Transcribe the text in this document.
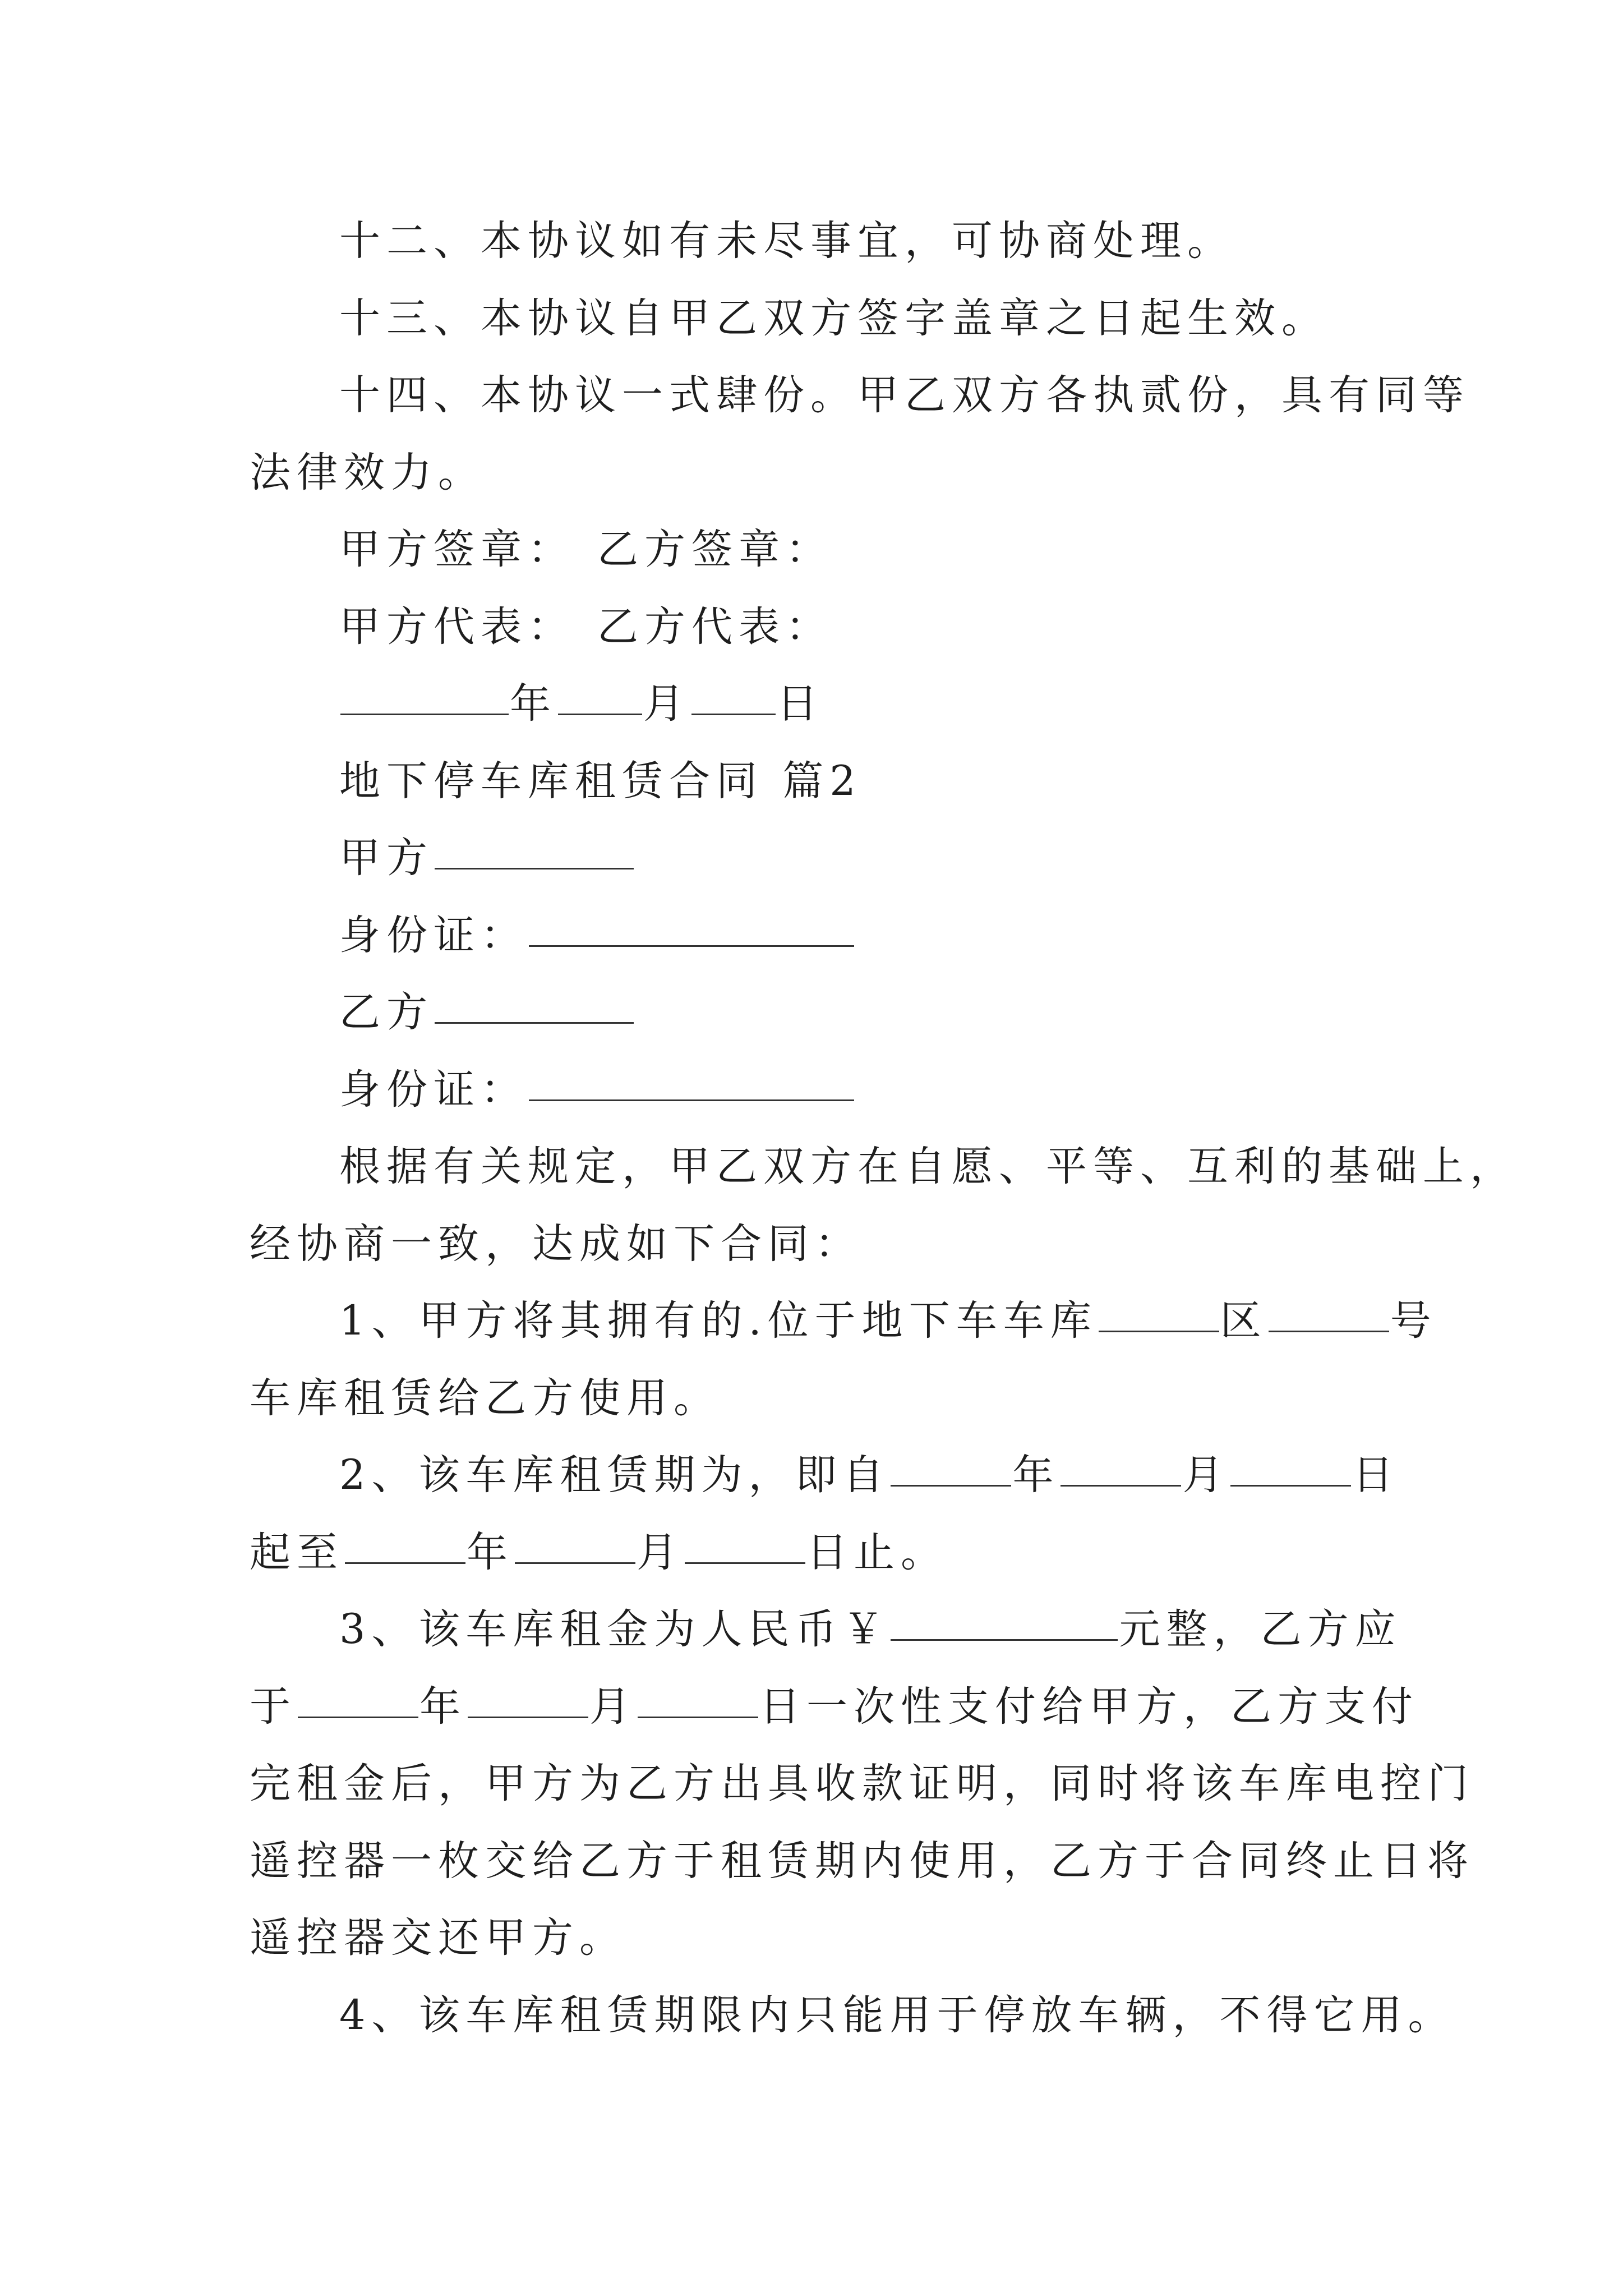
十二、本协议如有未尽事宜，可协商处理。
十三、本协议自甲乙双方签字盖章之日起生效。
十四、本协议一式肆份。甲乙双方各执贰份，具有同等
法律效力。
甲方签章： 乙方签章：
甲方代表： 乙方代表：
年 月 日
地下停车库租赁合同 篇2
甲方
身份证：
乙方
身份证：
根据有关规定，甲乙双方在自愿、平等、互利的基础上，
经协商一致，达成如下合同：
1、甲方将其拥有的.位于地下车车库	区	号
车库租赁给乙方使用。
2、该车库租赁期为，即自	年	月	日
起至	年	月	日止。
3、该车库租金为人民币￥	元整，乙方应
于	年	月	日一次性支付给甲方，乙方支付
完租金后，甲方为乙方出具收款证明，同时将该车库电控门
遥控器一枚交给乙方于租赁期内使用，乙方于合同终止日将
遥控器交还甲方。
4、该车库租赁期限内只能用于停放车辆，不得它用。
